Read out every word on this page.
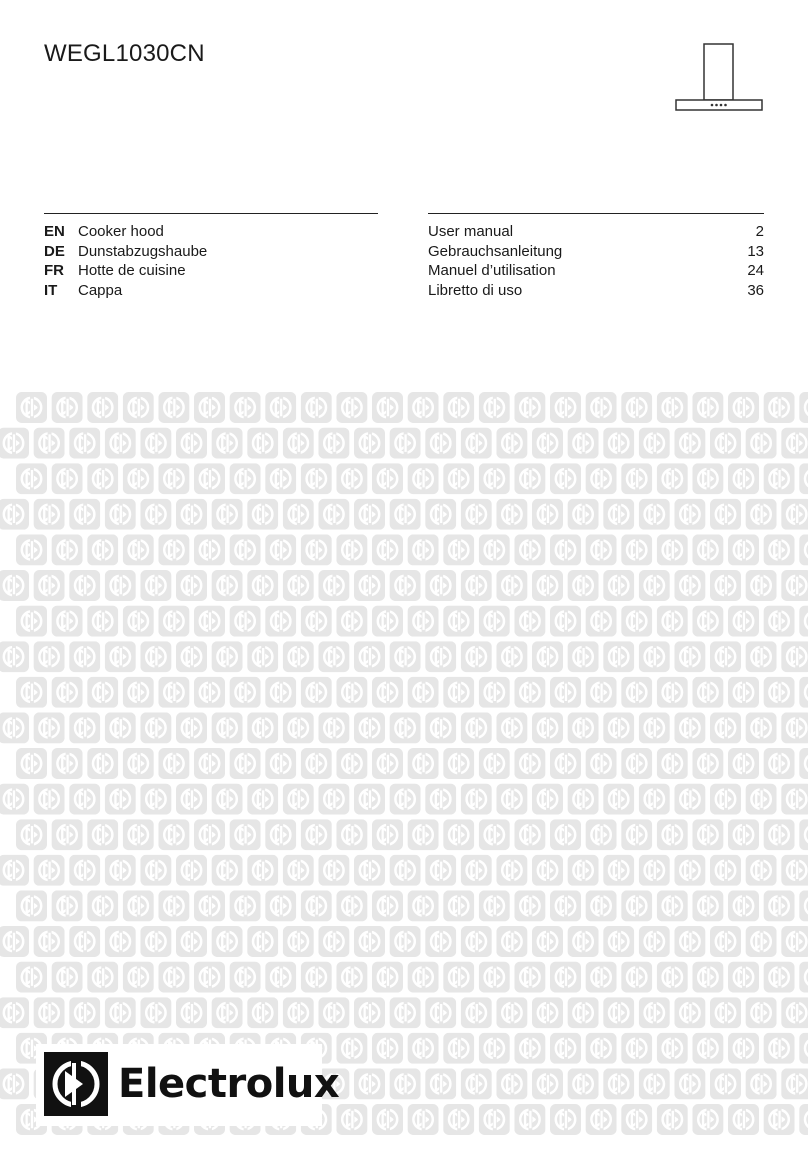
WEGL1030CN
EN Cooker hood
DE Dunstabzugshaube
FR Hotte de cuisine
IT Cappa
User manual	2
Gebrauchsanleitung	13
Manuel d’utilisation	24
Libretto di uso	36
Electrolux
